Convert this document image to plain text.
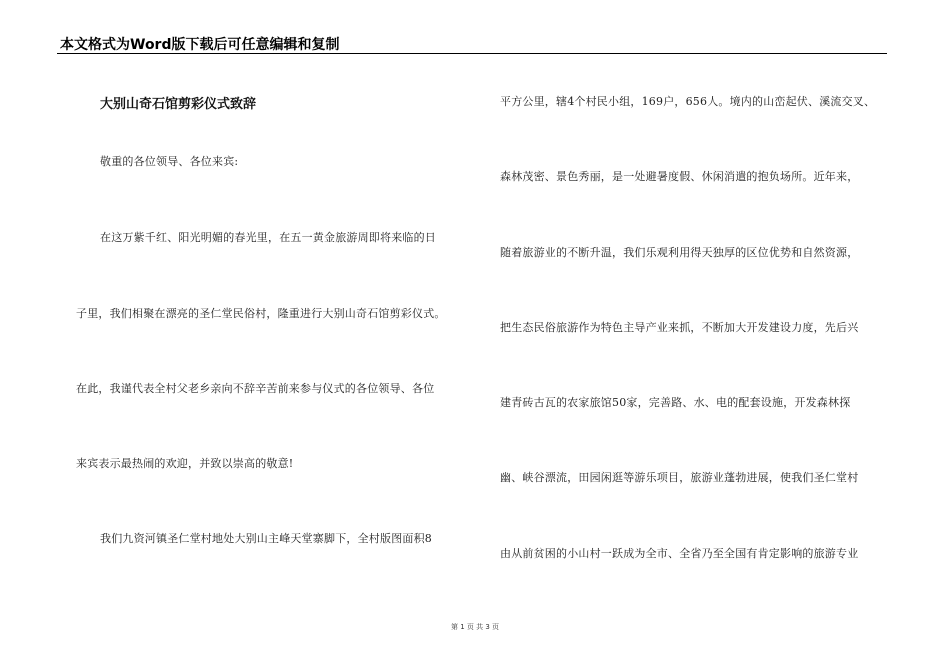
本文格式为Word版下载后可任意编辑和复制
大别山奇石馆剪彩仪式致辞
敬重的各位领导、各位来宾:
在这万紫千红、阳光明媚的春光里，在五一黄金旅游周即将来临的日
子里，我们相聚在漂亮的圣仁堂民俗村，隆重进行大别山奇石馆剪彩仪式。
在此，我谨代表全村父老乡亲向不辞辛苦前来参与仪式的各位领导、各位
来宾表示最热闹的欢迎，并致以崇高的敬意!
我们九资河镇圣仁堂村地处大别山主峰天堂寨脚下，全村版图面积8
平方公里，辖4个村民小组，169户，656人。境内的山峦起伏、溪流交叉、
森林茂密、景色秀丽，是一处避暑度假、休闲消遣的抱负场所。近年来，
随着旅游业的不断升温，我们乐观利用得天独厚的区位优势和自然资源，
把生态民俗旅游作为特色主导产业来抓，不断加大开发建设力度，先后兴
建青砖古瓦的农家旅馆50家，完善路、水、电的配套设施，开发森林探
幽、峡谷漂流，田园闲逛等游乐项目，旅游业蓬勃进展，使我们圣仁堂村
由从前贫困的小山村一跃成为全市、全省乃至全国有肯定影响的旅游专业
第 1 页 共 3 页
